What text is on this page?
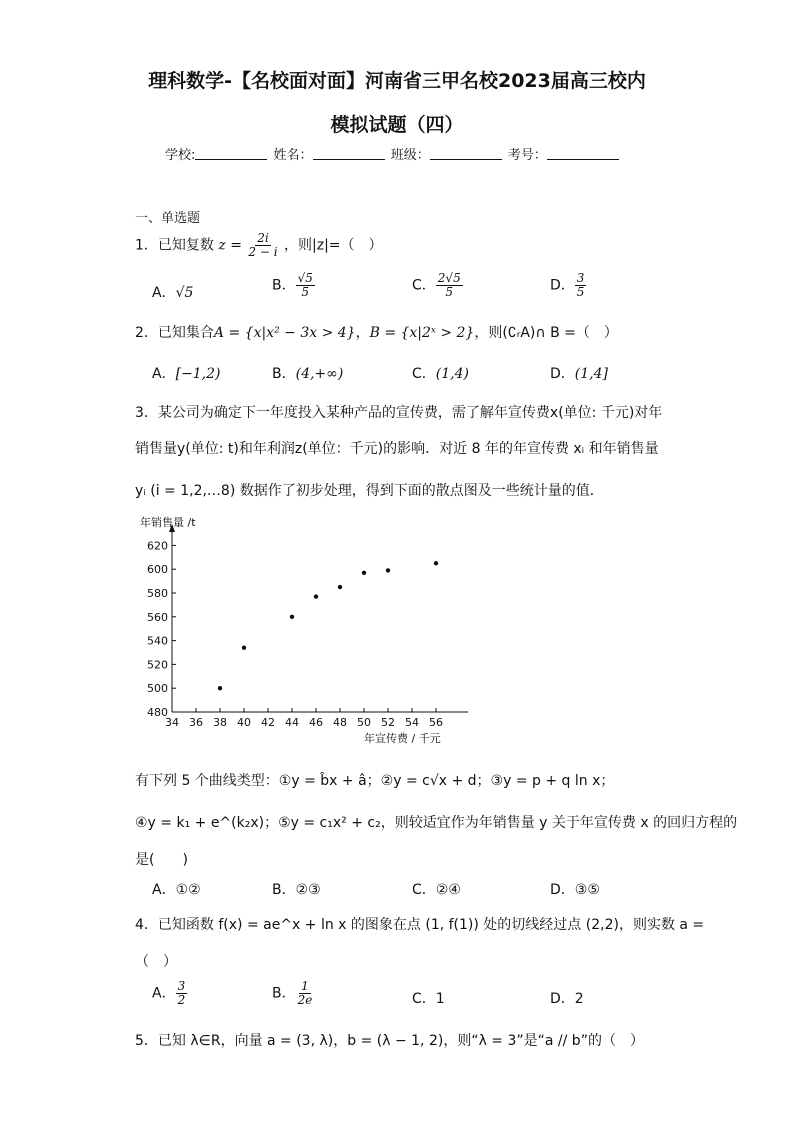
理科数学-【名校面对面】河南省三甲名校2023届高三校内
模拟试题（四）
学校:	姓名：	班级：	考号：
一、单选题
1．已知复数 $z = \frac{2i}{2 - i}$ ，则|z|=（　）
A．√5	B． $\frac{√5}{5}$	C． $\frac{2√5}{5}$	D． $\frac{3}{5}$
2．已知集合A = {x|x² − 3x > 4}，B = {x|2ˣ > 2}，则(∁ᵣA)∩ B =（　）
A．[−1,2)	B．(4,+∞)	C．(1,4)	D．(1,4]
3．某公司为确定下一年度投入某种产品的宣传费，需了解年宣传费x(单位: 千元)对年
销售量y(单位: t)和年利润z(单位：千元)的影响．对近 8 年的年宣传费 xᵢ 和年销售量
yᵢ (i = 1,2,…8) 数据作了初步处理，得到下面的散点图及一些统计量的值．
480
500
520
540
560
580
600
620
34 36 38 40 42 44 46 48 50 52 54 56
年销售量 /t
年宣传费 / 千元
有下列 5 个曲线类型：①y = b̂x + â；②y = c√x + d；③y = p + q ln x；
④y = k₁ + e^(k₂x)；⑤y = c₁x² + c₂，则较适宜作为年销售量 y 关于年宣传费 x 的回归方程的
是(　　)
A．①②	B．②③	C．②④	D．③⑤
4．已知函数 f(x) = ae^x + ln x 的图象在点 (1, f(1)) 处的切线经过点 (2,2)，则实数 a =
（　）
A． $\frac{3}{2}$	B． $\frac{1}{2e}$	C．1	D．2
5．已知 λ∈R，向量 a = (3, λ)，b = (λ − 1, 2)，则“λ = 3”是“a // b”的（　）
